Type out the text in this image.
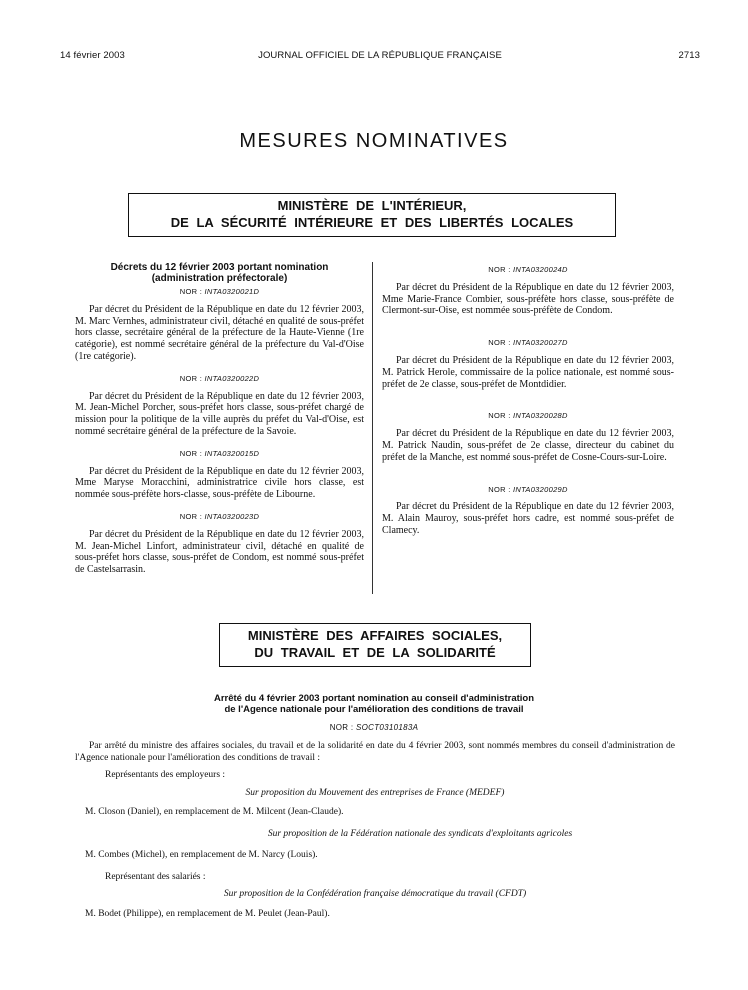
14 février 2003	JOURNAL OFFICIEL DE LA RÉPUBLIQUE FRANÇAISE	2713
MESURES NOMINATIVES
MINISTÈRE DE L'INTÉRIEUR,
DE LA SÉCURITÉ INTÉRIEURE ET DES LIBERTÉS LOCALES
Décrets du 12 février 2003 portant nomination
(administration préfectorale)
NOR : INTA0320021D

Par décret du Président de la République en date du 12 février 2003, M. Marc Vernhes, administrateur civil, détaché en qualité de sous-préfet hors classe, secrétaire général de la préfecture de la Haute-Vienne (1re catégorie), est nommé secrétaire général de la préfecture du Val-d'Oise (1re catégorie).

NOR : INTA0320022D

Par décret du Président de la République en date du 12 février 2003, M. Jean-Michel Porcher, sous-préfet hors classe, sous-préfet chargé de mission pour la politique de la ville auprès du préfet du Val-d'Oise, est nommé secrétaire général de la préfecture de la Savoie.

NOR : INTA0320015D

Par décret du Président de la République en date du 12 février 2003, Mme Maryse Moracchini, administratrice civile hors classe, est nommée sous-préfète hors-classe, sous-préfète de Libourne.

NOR : INTA0320023D

Par décret du Président de la République en date du 12 février 2003, M. Jean-Michel Linfort, administrateur civil, détaché en qualité de sous-préfet hors classe, sous-préfet de Condom, est nommé sous-préfet de Castelsarrasin.

NOR : INTA0320024D

Par décret du Président de la République en date du 12 février 2003, Mme Marie-France Combier, sous-préfète hors classe, sous-préfète de Clermont-sur-Oise, est nommée sous-préfète de Condom.

NOR : INTA0320027D

Par décret du Président de la République en date du 12 février 2003, M. Patrick Herole, commissaire de la police nationale, est nommé sous-préfet de 2e classe, sous-préfet de Montdidier.

NOR : INTA0320028D

Par décret du Président de la République en date du 12 février 2003, M. Patrick Naudin, sous-préfet de 2e classe, directeur du cabinet du préfet de la Manche, est nommé sous-préfet de Cosne-Cours-sur-Loire.

NOR : INTA0320029D

Par décret du Président de la République en date du 12 février 2003, M. Alain Mauroy, sous-préfet hors cadre, est nommé sous-préfet de Clamecy.

MINISTÈRE DES AFFAIRES SOCIALES,
DU TRAVAIL ET DE LA SOLIDARITÉ
Arrêté du 4 février 2003 portant nomination au conseil d'administration
de l'Agence nationale pour l'amélioration des conditions de travail
NOR : SOCT0310183A

Par arrêté du ministre des affaires sociales, du travail et de la solidarité en date du 4 février 2003, sont nommés membres du conseil d'administration de l'Agence nationale pour l'amélioration des conditions de travail :

Représentants des employeurs :

Sur proposition du Mouvement des entreprises de France (MEDEF)

M. Closon (Daniel), en remplacement de M. Milcent (Jean-Claude).

Sur proposition de la Fédération nationale des syndicats d'exploitants agricoles

M. Combes (Michel), en remplacement de M. Narcy (Louis).

Représentant des salariés :

Sur proposition de la Confédération française démocratique du travail (CFDT)

M. Bodet (Philippe), en remplacement de M. Peulet (Jean-Paul).
